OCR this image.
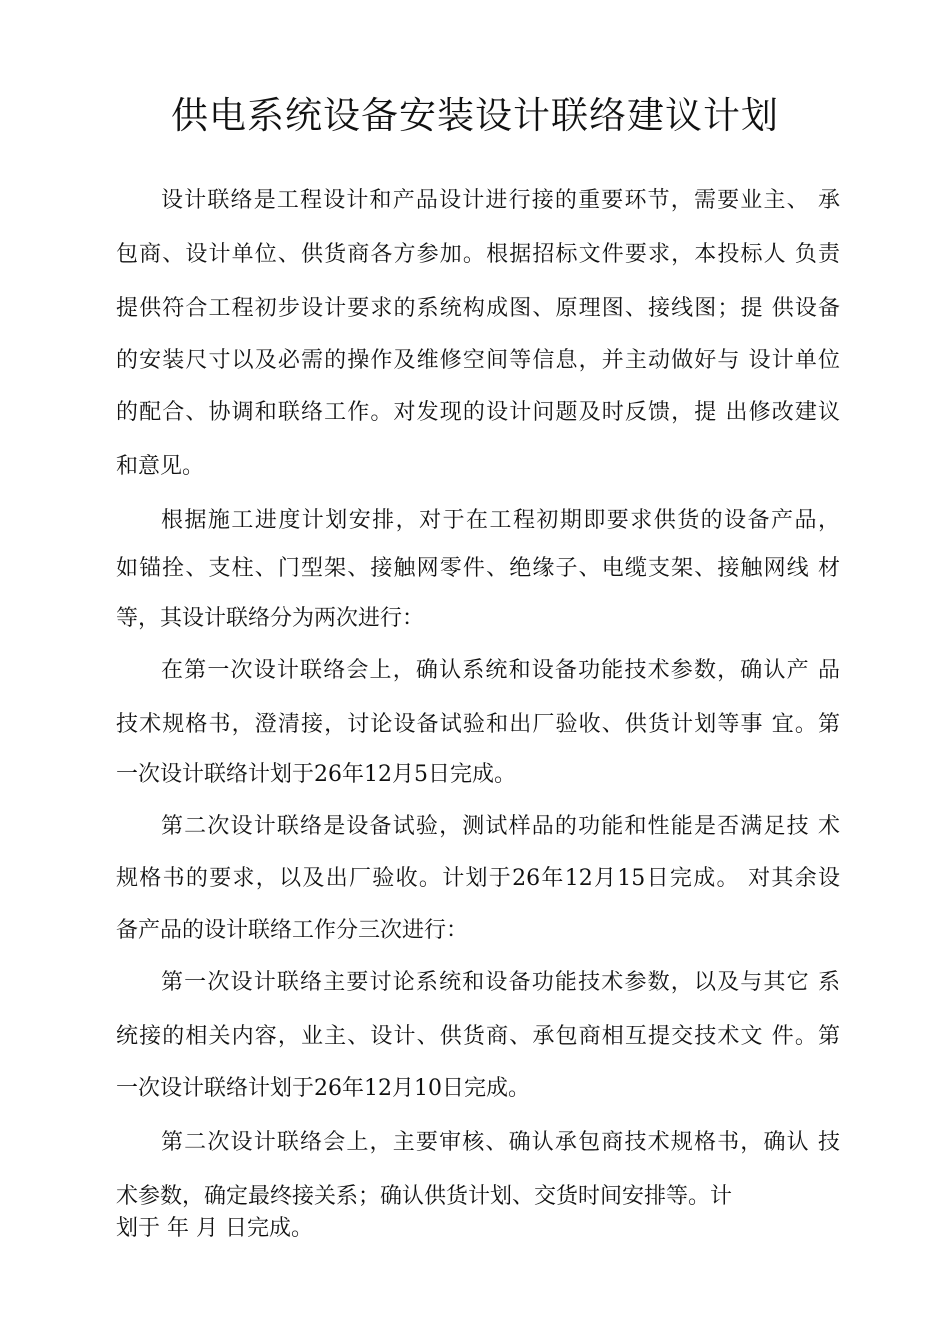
供电系统设备安装设计联络建议计划

设计联络是工程设计和产品设计进行接的重要环节，需要业主、 承

包商、设计单位、供货商各方参加。根据招标文件要求，本投标人 负责

提供符合工程初步设计要求的系统构成图、原理图、接线图；提 供设备

的安装尺寸以及必需的操作及维修空间等信息，并主动做好与 设计单位

的配合、协调和联络工作。对发现的设计问题及时反馈，提 出修改建议

和意见。

根据施工进度计划安排，对于在工程初期即要求供货的设备产品，

如锚拴、支柱、门型架、接触网零件、绝缘子、电缆支架、接触网线 材

等，其设计联络分为两次进行：

在第一次设计联络会上，确认系统和设备功能技术参数，确认产 品

技术规格书，澄清接，讨论设备试验和出厂验收、供货计划等事 宜。第

一次设计联络计划于26年12月5日完成。

第二次设计联络是设备试验，测试样品的功能和性能是否满足技 术

规格书的要求，以及出厂验收。计划于26年12月15日完成。 对其余设

备产品的设计联络工作分三次进行：

第一次设计联络主要讨论系统和设备功能技术参数，以及与其它 系

统接的相关内容，业主、设计、供货商、承包商相互提交技术文 件。第

一次设计联络计划于26年12月10日完成。

第二次设计联络会上，主要审核、确认承包商技术规格书，确认 技

术参数，确定最终接关系；确认供货计划、交货时间安排等。计

划于 年 月 日完成。
